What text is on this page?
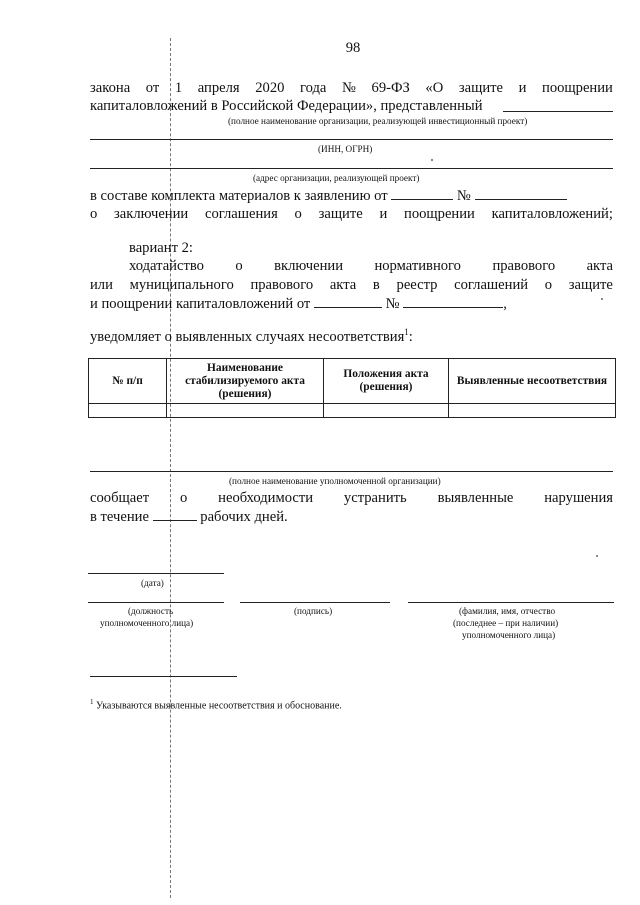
98
закона от 1 апреля 2020 года № 69-ФЗ «О защите и поощрении
капиталовложений в Российской Федерации», представленный
(полное наименование организации, реализующей инвестиционный проект)
(ИНН, ОГРН)
(адрес организации, реализующей проект)
в составе комплекта материалов к заявлению от	№
о заключении соглашения о защите и поощрении капиталовложений;
вариант 2:
ходатайство о включении нормативного правового акта
или муниципального правового акта в реестр соглашений о защите
и поощрении капиталовложений от	№	,
уведомляет о выявленных случаях несоответствия$^1$:
№ п/п	Наименование стабилизируемого акта (решения)	Положения акта (решения)	Выявленные несоответствия

(полное наименование уполномоченной организации)
сообщает о необходимости устранить выявленные нарушения
в течение	рабочих дней.
(дата)
(должность
уполномоченного лица)
(подпись)	(фамилия, имя, отчество
(последнее – при наличии)
уполномоченного лица)
$^1$ Указываются выявленные несоответствия и обоснование.
